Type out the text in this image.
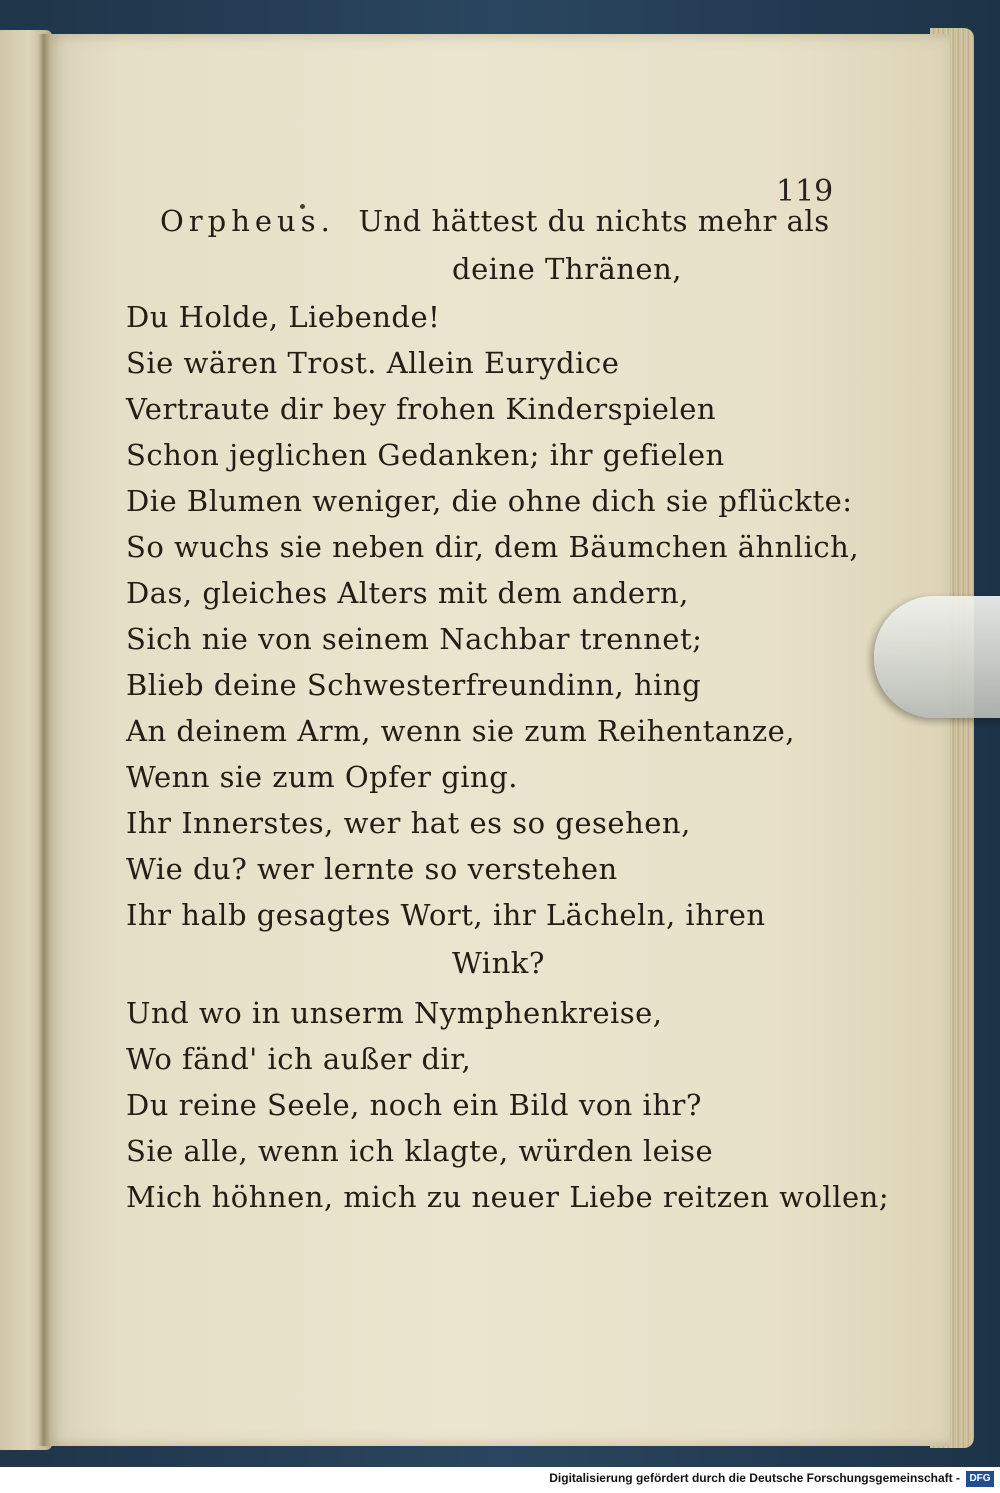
119
Orpheus. Und hättest du nichts mehr als
deine Thränen,
Du Holde, Liebende!
Sie wären Trost. Allein Eurydice
Vertraute dir bey frohen Kinderspielen
Schon jeglichen Gedanken; ihr gefielen
Die Blumen weniger, die ohne dich sie pflückte:
So wuchs sie neben dir, dem Bäumchen ähnlich,
Das, gleiches Alters mit dem andern,
Sich nie von seinem Nachbar trennet;
Blieb deine Schwesterfreundinn, hing
An deinem Arm, wenn sie zum Reihentanze,
Wenn sie zum Opfer ging.
Ihr Innerstes, wer hat es so gesehen,
Wie du? wer lernte so verstehen
Ihr halb gesagtes Wort, ihr Lächeln, ihren
Wink?
Und wo in unserm Nymphenkreise,
Wo fänd' ich außer dir,
Du reine Seele, noch ein Bild von ihr?
Sie alle, wenn ich klagte, würden leise
Mich höhnen, mich zu neuer Liebe reitzen wollen;
Digitalisierung gefördert durch die Deutsche Forschungsgemeinschaft - DFG
